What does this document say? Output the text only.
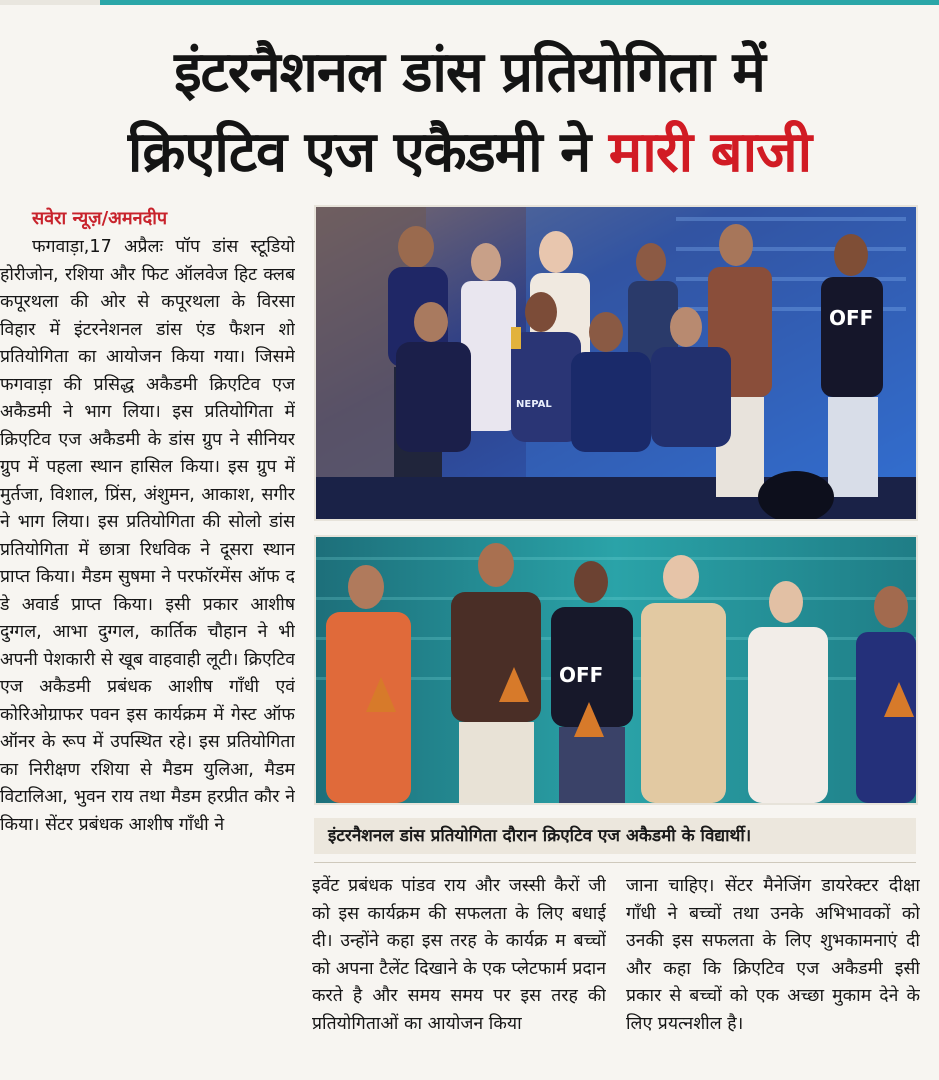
इंटरनैशनल डांस प्रतियोगिता में
क्रिएटिव एज एकैडमी ने मारी बाजी
सवेरा न्यूज़/अमनदीप
फगवाड़ा,17 अप्रैलः पॉप डांस स्टूडियो होरीजोन, रशिया और फिट ऑलवेज हिट क्लब कपूरथला की ओर से कपूरथला के विरसा विहार में इंटरनेशनल डांस एंड फैशन शो प्रतियोगिता का आयोजन किया गया। जिसमे फगवाड़ा की प्रसिद्ध अकैडमी क्रिएटिव एज अकैडमी ने भाग लिया। इस प्रतियोगिता में क्रिएटिव एज अकैडमी के डांस ग्रुप ने सीनियर ग्रुप में पहला स्थान हासिल किया। इस ग्रुप में मुर्तजा, विशाल, प्रिंस, अंशुमन, आकाश, सगीर ने भाग लिया। इस प्रतियोगिता की सोलो डांस प्रतियोगिता में छात्रा रिधविक ने दूसरा स्थान प्राप्त किया। मैडम सुषमा ने परफॉरमेंस ऑफ द डे अवार्ड प्राप्त किया। इसी प्रकार आशीष दुग्गल, आभा दुग्गल, कार्तिक चौहान ने भी अपनी पेशकारी से खूब वाहवाही लूटी। क्रिएटिव एज अकैडमी प्रबंधक आशीष गाँधी एवं कोरिओग्राफर पवन इस कार्यक्रम में गेस्ट ऑफ ऑनर के रूप में उपस्थित रहे। इस प्रतियोगिता का निरीक्षण रशिया से मैडम युलिआ, मैडम विटालिआ, भुवन राय तथा मैडम हरप्रीत कौर ने किया। सेंटर प्रबंधक आशीष गाँधी ने
OFF
NEPAL
OFF
इंटरनैशनल डांस प्रतियोगिता दौरान क्रिएटिव एज अकैडमी के विद्यार्थी।
इवेंट प्रबंधक पांडव राय और जस्सी कैरों जी को इस कार्यक्रम की सफलता के लिए बधाई दी। उन्होंने कहा इस तरह के कार्यक्र म बच्चों को अपना टैलेंट दिखाने के एक प्लेटफार्म प्रदान करते है और समय समय पर इस तरह की प्रतियोगिताओं का आयोजन किया
जाना चाहिए। सेंटर मैनेजिंग डायरेक्टर दीक्षा गाँधी ने बच्चों तथा उनके अभिभावकों को उनकी इस सफलता के लिए शुभकामनाएं दी और कहा कि क्रिएटिव एज अकैडमी इसी प्रकार से बच्चों को एक अच्छा मुकाम देने के लिए प्रयत्नशील है।
